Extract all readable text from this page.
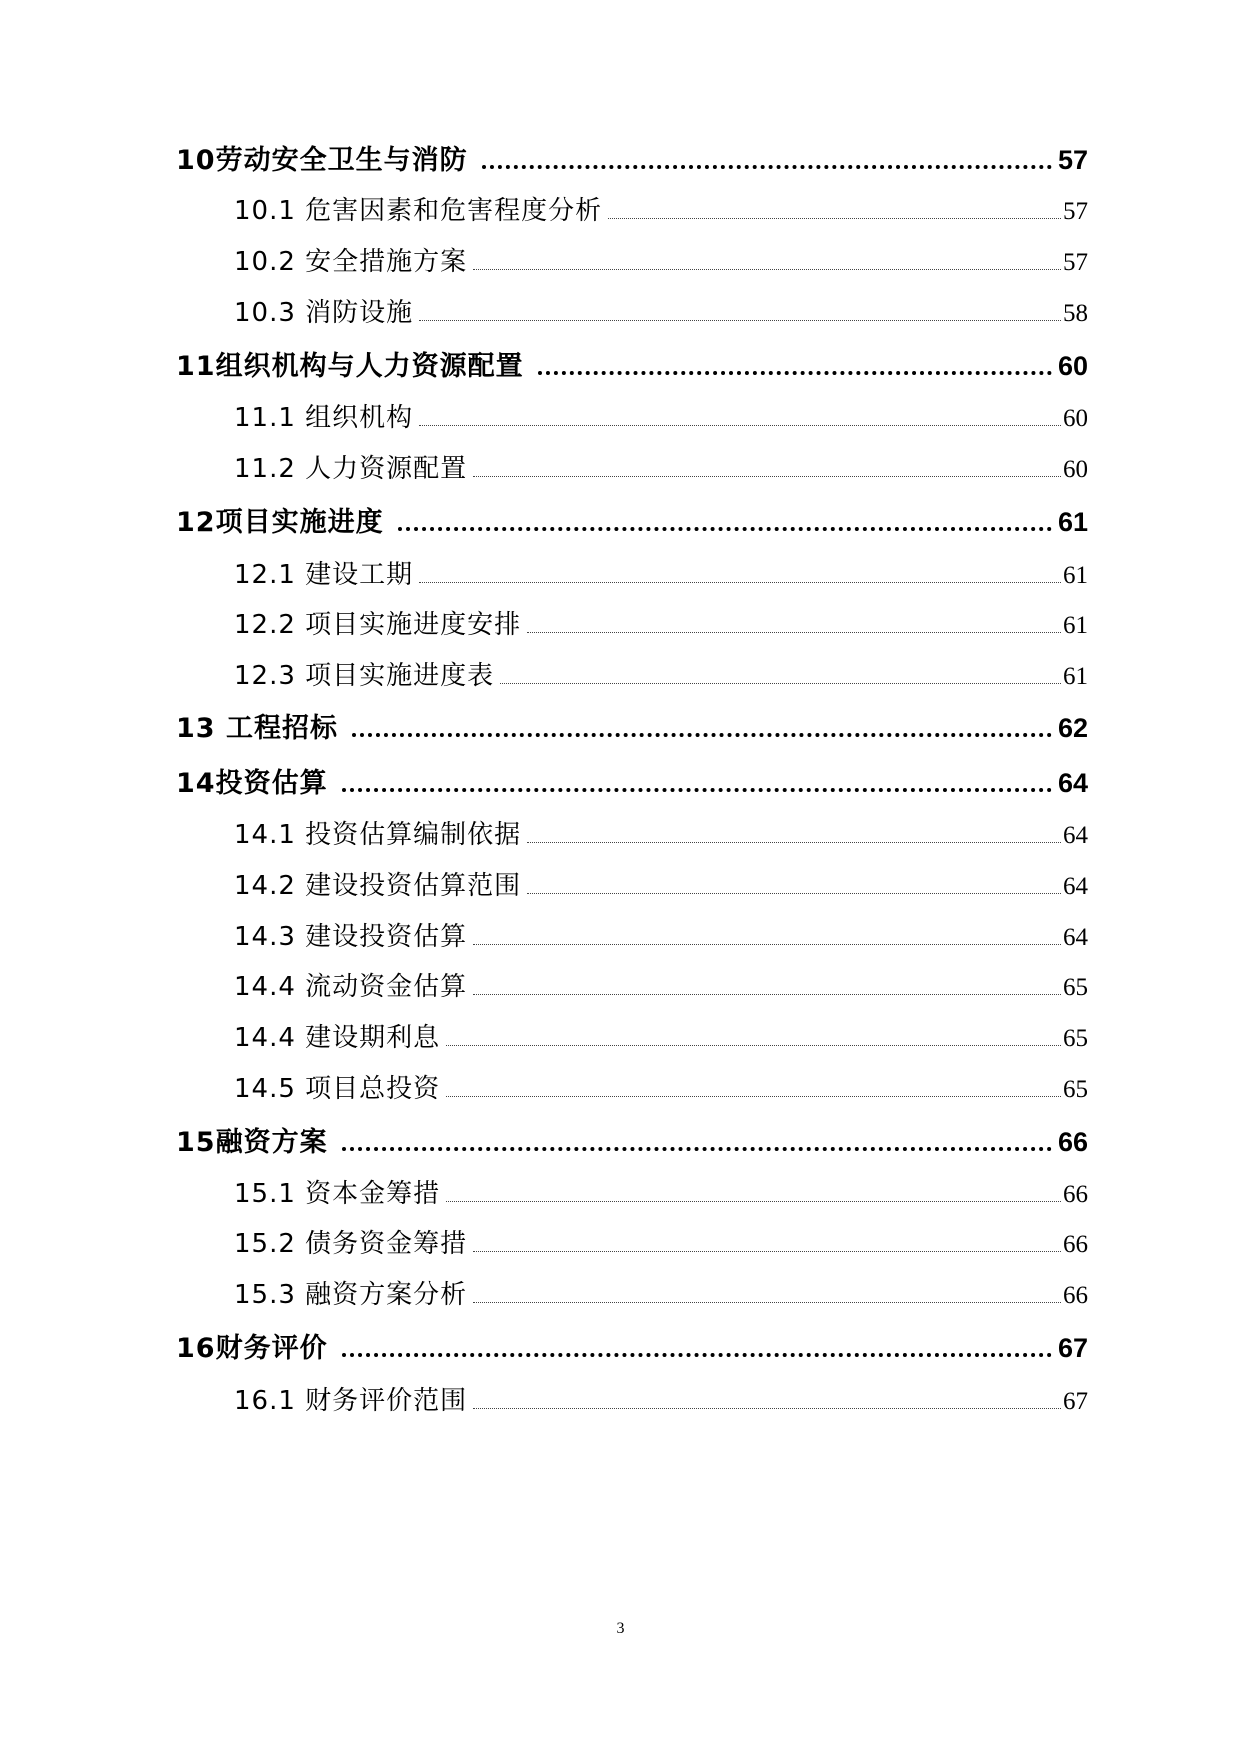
10劳动安全卫生与消防	57
10.1 危害因素和危害程度分析	57
10.2 安全措施方案	57
10.3 消防设施	58
11组织机构与人力资源配置	60
11.1 组织机构	60
11.2 人力资源配置	60
12项目实施进度	61
12.1 建设工期	61
12.2 项目实施进度安排	61
12.3 项目实施进度表	61
13 工程招标	62
14投资估算	64
14.1 投资估算编制依据	64
14.2 建设投资估算范围	64
14.3 建设投资估算	64
14.4 流动资金估算	65
14.4 建设期利息	65
14.5 项目总投资	65
15融资方案	66
15.1 资本金筹措	66
15.2 债务资金筹措	66
15.3 融资方案分析	66
16财务评价	67
16.1 财务评价范围	67
3
